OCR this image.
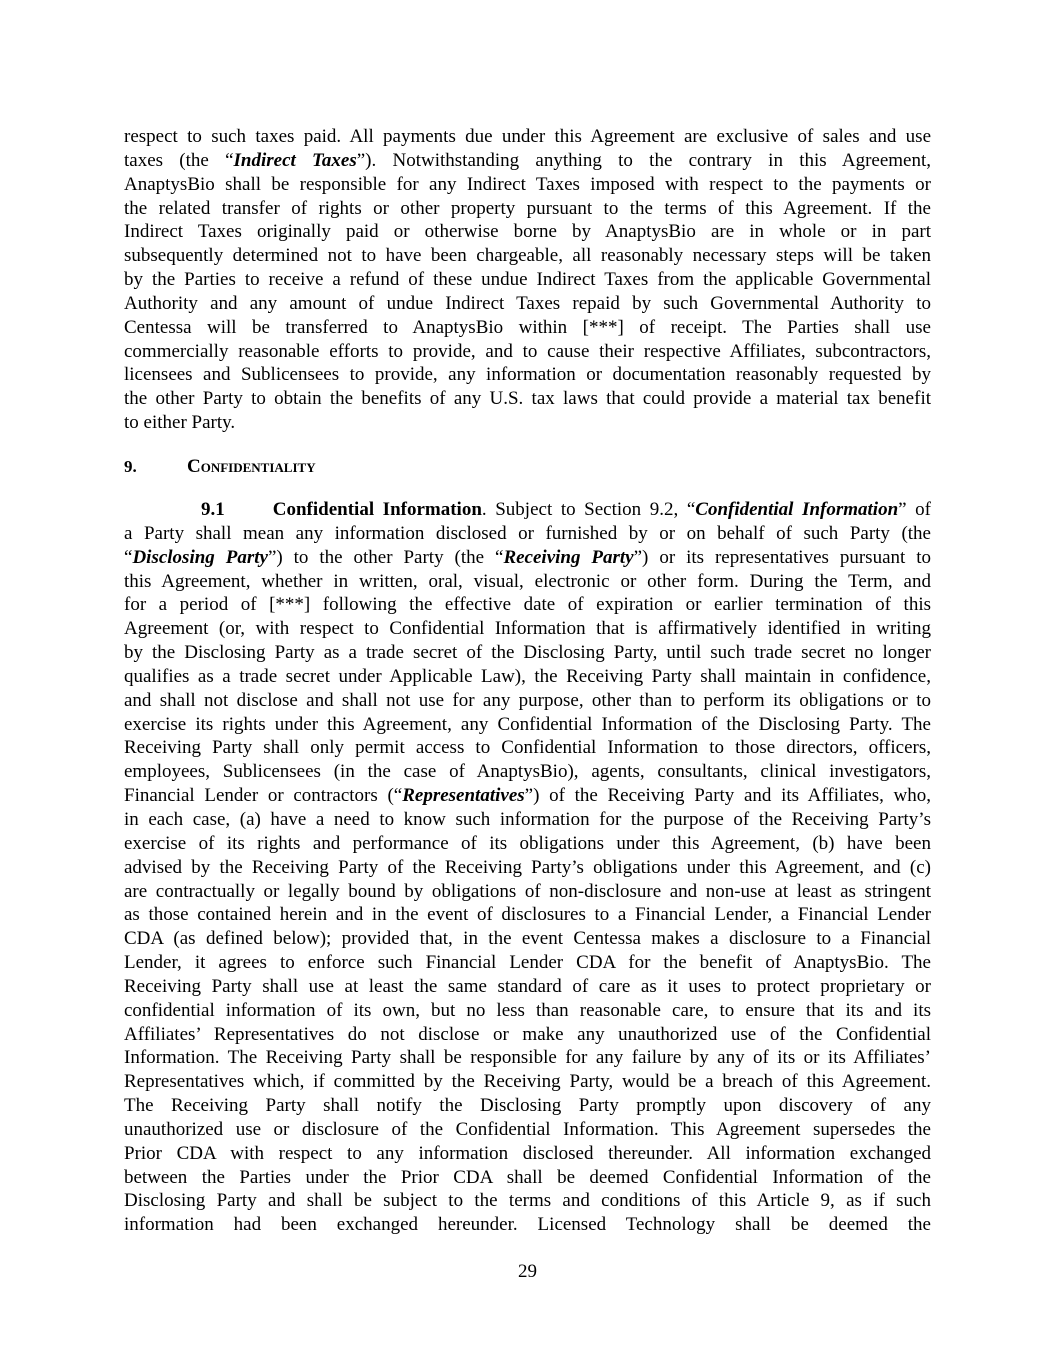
respect to such taxes paid. All payments due under this Agreement are exclusive of sales and use
taxes (the “Indirect Taxes”). Notwithstanding anything to the contrary in this Agreement,
AnaptysBio shall be responsible for any Indirect Taxes imposed with respect to the payments or
the related transfer of rights or other property pursuant to the terms of this Agreement. If the
Indirect Taxes originally paid or otherwise borne by AnaptysBio are in whole or in part
subsequently determined not to have been chargeable, all reasonably necessary steps will be taken
by the Parties to receive a refund of these undue Indirect Taxes from the applicable Governmental
Authority and any amount of undue Indirect Taxes repaid by such Governmental Authority to
Centessa will be transferred to AnaptysBio within [***] of receipt. The Parties shall use
commercially reasonable efforts to provide, and to cause their respective Affiliates, subcontractors,
licensees and Sublicensees to provide, any information or documentation reasonably requested by
the other Party to obtain the benefits of any U.S. tax laws that could provide a material tax benefit
to either Party.
9.	Confidentiality
9.1	Confidential Information. Subject to Section 9.2, “Confidential Information” of
a Party shall mean any information disclosed or furnished by or on behalf of such Party (the
“Disclosing Party”) to the other Party (the “Receiving Party”) or its representatives pursuant to
this Agreement, whether in written, oral, visual, electronic or other form. During the Term, and
for a period of [***] following the effective date of expiration or earlier termination of this
Agreement (or, with respect to Confidential Information that is affirmatively identified in writing
by the Disclosing Party as a trade secret of the Disclosing Party, until such trade secret no longer
qualifies as a trade secret under Applicable Law), the Receiving Party shall maintain in confidence,
and shall not disclose and shall not use for any purpose, other than to perform its obligations or to
exercise its rights under this Agreement, any Confidential Information of the Disclosing Party. The
Receiving Party shall only permit access to Confidential Information to those directors, officers,
employees, Sublicensees (in the case of AnaptysBio), agents, consultants, clinical investigators,
Financial Lender or contractors (“Representatives”) of the Receiving Party and its Affiliates, who,
in each case, (a) have a need to know such information for the purpose of the Receiving Party’s
exercise of its rights and performance of its obligations under this Agreement, (b) have been
advised by the Receiving Party of the Receiving Party’s obligations under this Agreement, and (c)
are contractually or legally bound by obligations of non-disclosure and non-use at least as stringent
as those contained herein and in the event of disclosures to a Financial Lender, a Financial Lender
CDA (as defined below); provided that, in the event Centessa makes a disclosure to a Financial
Lender, it agrees to enforce such Financial Lender CDA for the benefit of AnaptysBio. The
Receiving Party shall use at least the same standard of care as it uses to protect proprietary or
confidential information of its own, but no less than reasonable care, to ensure that its and its
Affiliates’ Representatives do not disclose or make any unauthorized use of the Confidential
Information. The Receiving Party shall be responsible for any failure by any of its or its Affiliates’
Representatives which, if committed by the Receiving Party, would be a breach of this Agreement.
The Receiving Party shall notify the Disclosing Party promptly upon discovery of any
unauthorized use or disclosure of the Confidential Information. This Agreement supersedes the
Prior CDA with respect to any information disclosed thereunder. All information exchanged
between the Parties under the Prior CDA shall be deemed Confidential Information of the
Disclosing Party and shall be subject to the terms and conditions of this Article 9, as if such
information had been exchanged hereunder. Licensed Technology shall be deemed the
29
